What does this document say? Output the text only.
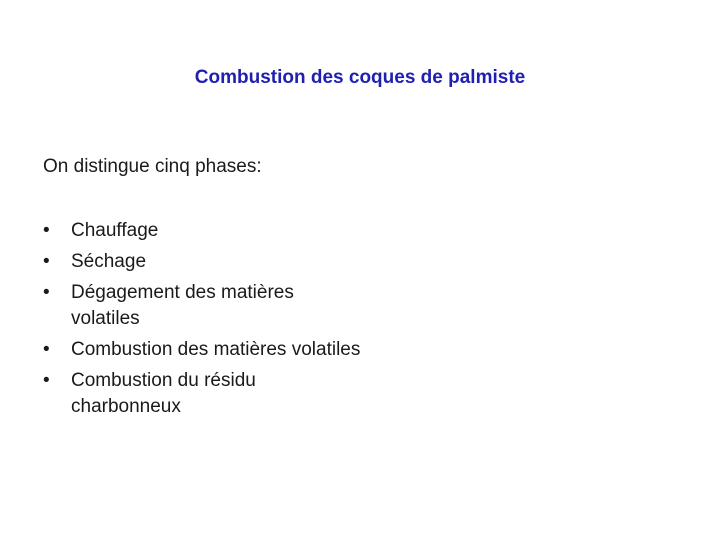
Combustion des coques de palmiste
On distingue cinq phases:
•	Chauffage
•	Séchage
•	Dégagement des matières volatiles
•	Combustion des matières volatiles
•	Combustion du résidu charbonneux
